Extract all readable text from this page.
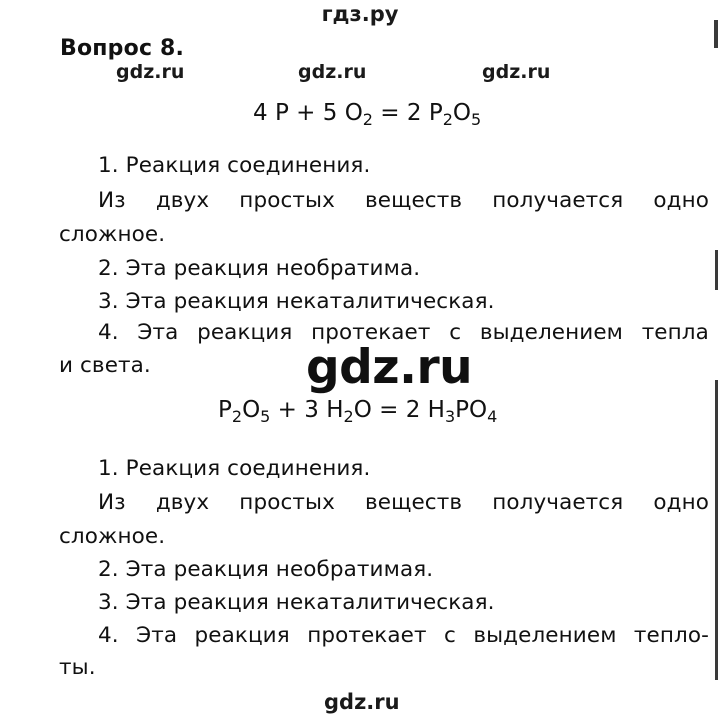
гдз.ру
Вопрос 8.
gdz.ru	gdz.ru	gdz.ru
4 P + 5 $O_2 = 2$ $P_2O_5$
1. Реакция соединения.
Из двух простых веществ получается одно
сложное.
2. Эта реакция необратима.
3. Эта реакция некаталитическая.
4. Эта реакция протекает с выделением тепла
и света.	gdz.ru
$P_2O_5 + 3$ $H_2O = 2$ $H_3PO_4$
1. Реакция соединения.
Из двух простых веществ получается одно
сложное.
2. Эта реакция необратимая.
3. Эта реакция некаталитическая.
4. Эта реакция протекает с выделением тепло-
ты.
gdz.ru
